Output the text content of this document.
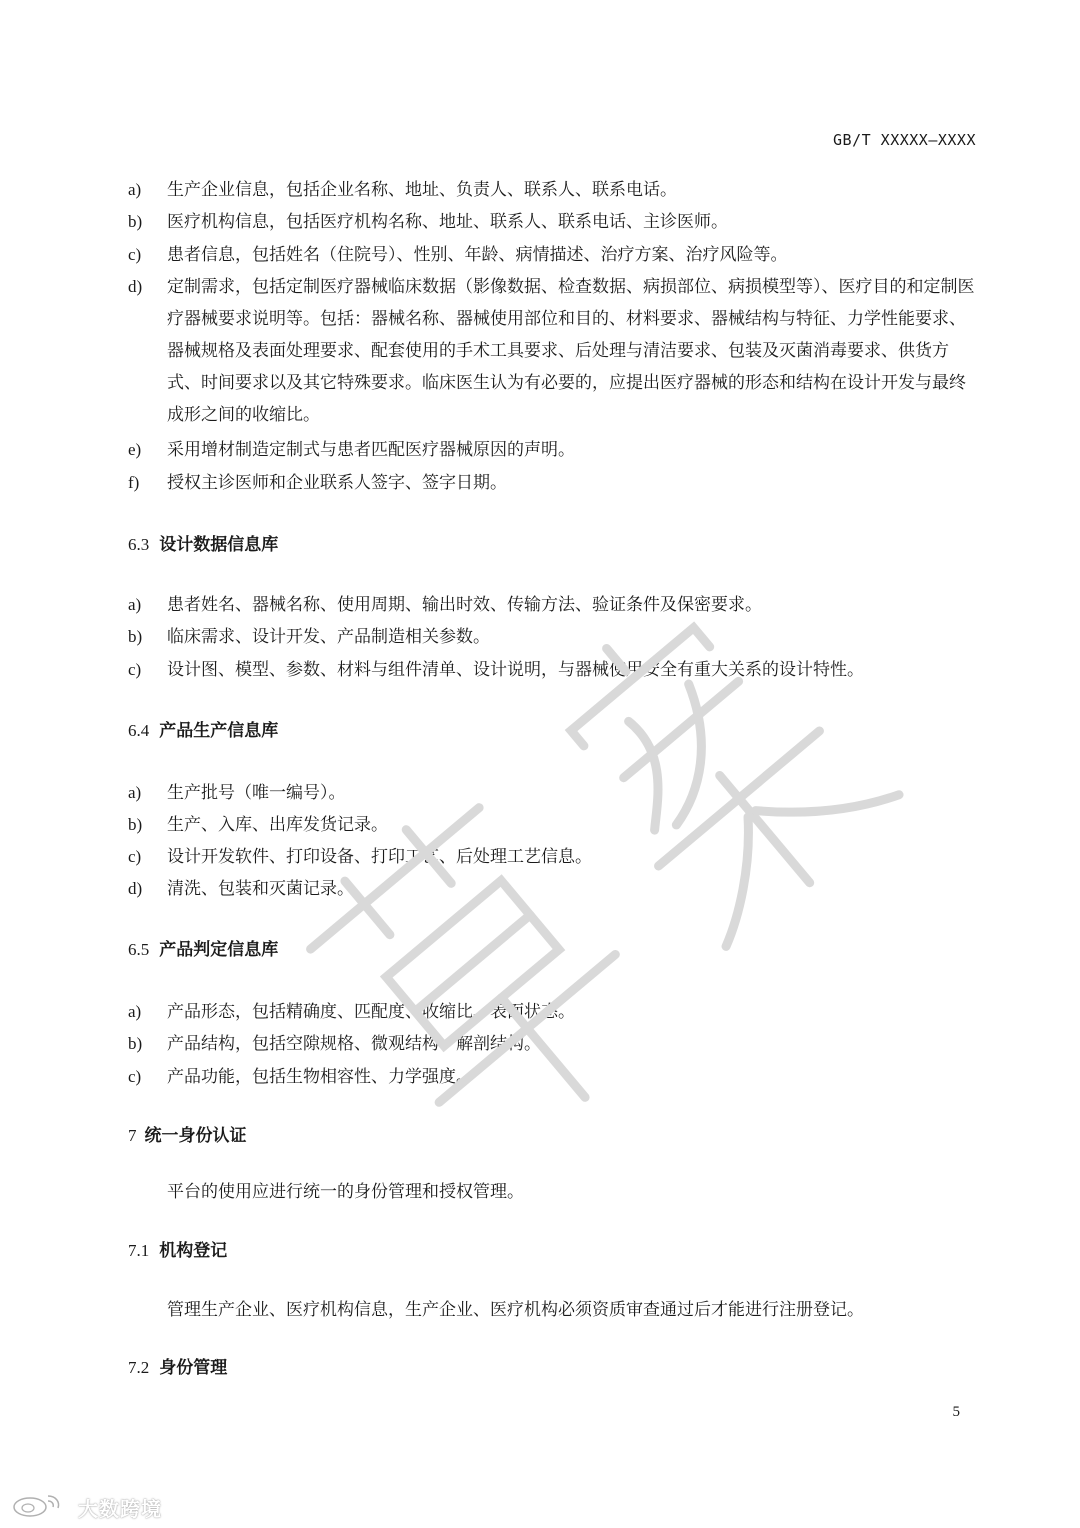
GB/T XXXXX—XXXX
a)	生产企业信息，包括企业名称、地址、负责人、联系人、联系电话。
b)	医疗机构信息，包括医疗机构名称、地址、联系人、联系电话、主诊医师。
c)	患者信息，包括姓名（住院号）、性别、年龄、病情描述、治疗方案、治疗风险等。
d)	定制需求，包括定制医疗器械临床数据（影像数据、检查数据、病损部位、病损模型等）、医疗目的和定制医疗器械要求说明等。包括：器械名称、器械使用部位和目的、材料要求、器械结构与特征、力学性能要求、器械规格及表面处理要求、配套使用的手术工具要求、后处理与清洁要求、包装及灭菌消毒要求、供货方式、时间要求以及其它特殊要求。临床医生认为有必要的，应提出医疗器械的形态和结构在设计开发与最终成形之间的收缩比。
e)	采用增材制造定制式与患者匹配医疗器械原因的声明。
f)	授权主诊医师和企业联系人签字、签字日期。
6.3 设计数据信息库
a)	患者姓名、器械名称、使用周期、输出时效、传输方法、验证条件及保密要求。
b)	临床需求、设计开发、产品制造相关参数。
c)	设计图、模型、参数、材料与组件清单、设计说明，与器械使用安全有重大关系的设计特性。
6.4 产品生产信息库
a)	生产批号（唯一编号）。
b)	生产、入库、出库发货记录。
c)	设计开发软件、打印设备、打印工艺、后处理工艺信息。
d)	清洗、包装和灭菌记录。
6.5 产品判定信息库
a)	产品形态，包括精确度、匹配度、收缩比、表面状态。
b)	产品结构，包括空隙规格、微观结构、解剖结构。
c)	产品功能，包括生物相容性、力学强度。
7 统一身份认证
平台的使用应进行统一的身份管理和授权管理。
7.1 机构登记
管理生产企业、医疗机构信息，生产企业、医疗机构必须资质审查通过后才能进行注册登记。
7.2 身份管理
5
大数跨境
